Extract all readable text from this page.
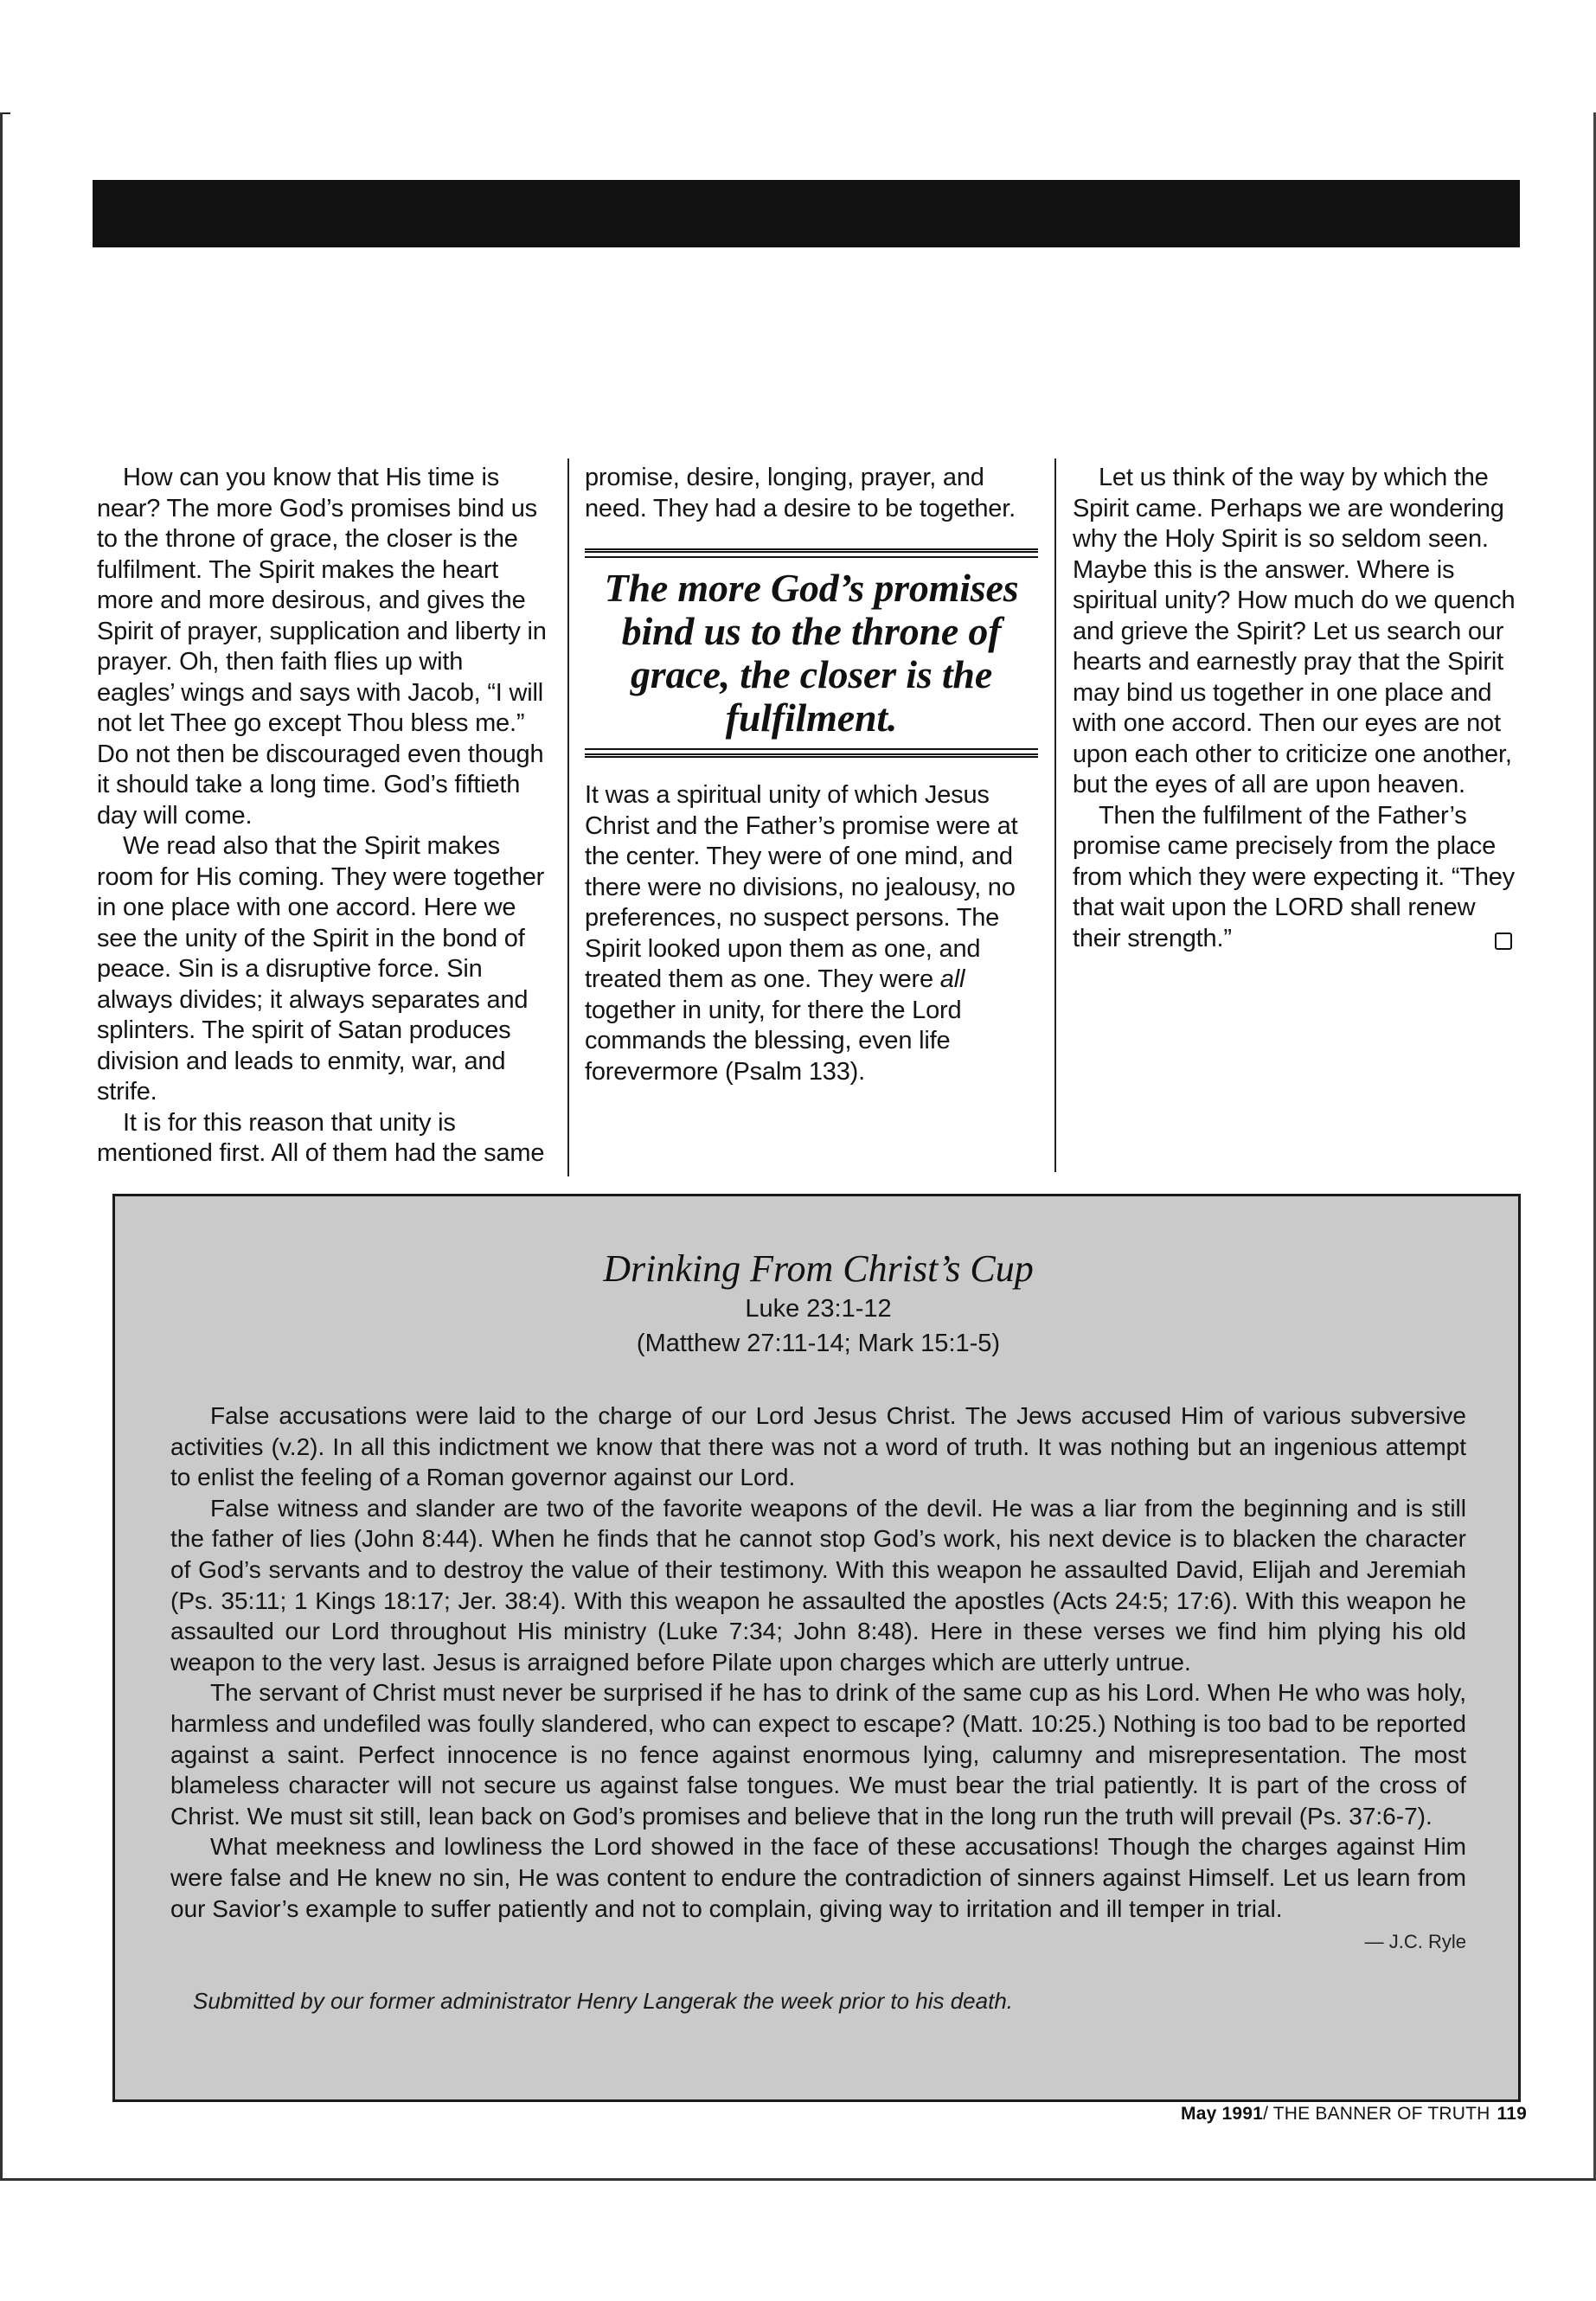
How can you know that His time is near? The more God’s promises bind us to the throne of grace, the closer is the fulfilment. The Spirit makes the heart more and more desirous, and gives the Spirit of prayer, supplication and liberty in prayer. Oh, then faith flies up with eagles’ wings and says with Jacob, “I will not let Thee go except Thou bless me.” Do not then be discouraged even though it should take a long time. God’s fiftieth day will come.

We read also that the Spirit makes room for His coming. They were together in one place with one accord. Here we see the unity of the Spirit in the bond of peace. Sin is a disruptive force. Sin always divides; it always separates and splinters. The spirit of Satan produces division and leads to enmity, war, and strife.

It is for this reason that unity is mentioned first. All of them had the same

promise, desire, longing, prayer, and need. They had a desire to be together.

The more God’s promises bind us to the throne of grace, the closer is the fulfilment.

It was a spiritual unity of which Jesus Christ and the Father’s promise were at the center. They were of one mind, and there were no divisions, no jealousy, no preferences, no suspect persons. The Spirit looked upon them as one, and treated them as one. They were all together in unity, for there the Lord commands the blessing, even life forevermore (Psalm 133).

Let us think of the way by which the Spirit came. Perhaps we are wondering why the Holy Spirit is so seldom seen. Maybe this is the answer. Where is spiritual unity? How much do we quench and grieve the Spirit? Let us search our hearts and earnestly pray that the Spirit may bind us together in one place and with one accord. Then our eyes are not upon each other to criticize one another, but the eyes of all are upon heaven.

Then the fulfilment of the Father’s promise came precisely from the place from which they were expecting it. “They that wait upon the LORD shall renew their strength.”

Drinking From Christ’s Cup
Luke 23:1-12
(Matthew 27:11-14; Mark 15:1-5)

False accusations were laid to the charge of our Lord Jesus Christ. The Jews accused Him of various subversive activities (v.2). In all this indictment we know that there was not a word of truth. It was nothing but an ingenious attempt to enlist the feeling of a Roman governor against our Lord.

False witness and slander are two of the favorite weapons of the devil. He was a liar from the beginning and is still the father of lies (John 8:44). When he finds that he cannot stop God’s work, his next device is to blacken the character of God’s servants and to destroy the value of their testimony. With this weapon he assaulted David, Elijah and Jeremiah (Ps. 35:11; 1 Kings 18:17; Jer. 38:4). With this weapon he assaulted the apostles (Acts 24:5; 17:6). With this weapon he assaulted our Lord throughout His ministry (Luke 7:34; John 8:48). Here in these verses we find him plying his old weapon to the very last. Jesus is arraigned before Pilate upon charges which are utterly untrue.

The servant of Christ must never be surprised if he has to drink of the same cup as his Lord. When He who was holy, harmless and undefiled was foully slandered, who can expect to escape? (Matt. 10:25.) Nothing is too bad to be reported against a saint. Perfect innocence is no fence against enormous lying, calumny and misrepresentation. The most blameless character will not secure us against false tongues. We must bear the trial patiently. It is part of the cross of Christ. We must sit still, lean back on God’s promises and believe that in the long run the truth will prevail (Ps. 37:6-7).

What meekness and lowliness the Lord showed in the face of these accusations! Though the charges against Him were false and He knew no sin, He was content to endure the contradiction of sinners against Himself. Let us learn from our Savior’s example to suffer patiently and not to complain, giving way to irritation and ill temper in trial.

— J.C. Ryle
Submitted by our former administrator Henry Langerak the week prior to his death.
May 1991/ THE BANNER OF TRUTH 119
